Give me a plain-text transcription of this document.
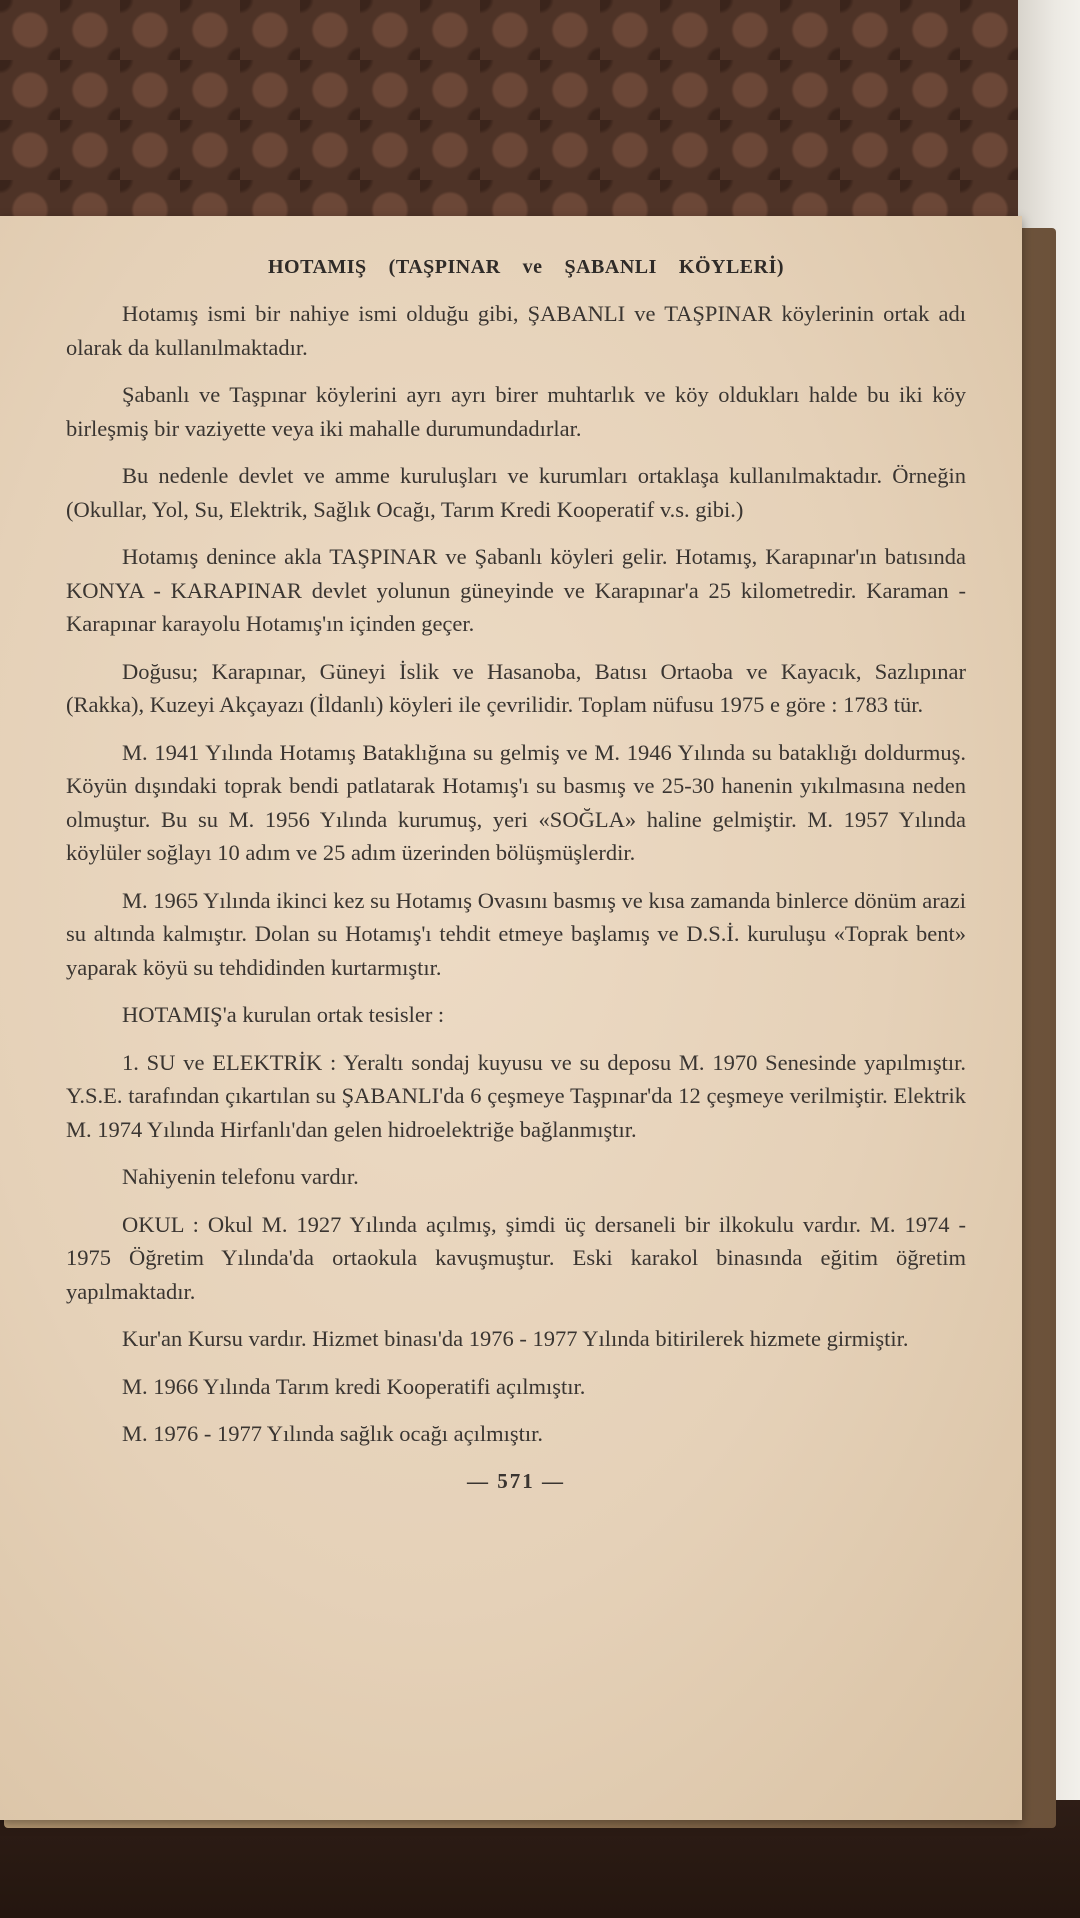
HOTAMIŞ (TAŞPINAR ve ŞABANLI KÖYLERİ)

Hotamış ismi bir nahiye ismi olduğu gibi, ŞABANLI ve TAŞPINAR köylerinin ortak adı olarak da kullanılmaktadır.

Şabanlı ve Taşpınar köylerini ayrı ayrı birer muhtarlık ve köy oldukları halde bu iki köy birleşmiş bir vaziyette veya iki mahalle durumundadırlar.

Bu nedenle devlet ve amme kuruluşları ve kurumları ortaklaşa kullanılmaktadır. Örneğin (Okullar, Yol, Su, Elektrik, Sağlık Ocağı, Tarım Kredi Kooperatif v.s. gibi.)

Hotamış denince akla TAŞPINAR ve Şabanlı köyleri gelir. Hotamış, Karapınar'ın batısında KONYA - KARAPINAR devlet yolunun güneyinde ve Karapınar'a 25 kilometredir. Karaman - Karapınar karayolu Hotamış'ın içinden geçer.

Doğusu; Karapınar, Güneyi İslik ve Hasanoba, Batısı Ortaoba ve Kayacık, Sazlıpınar (Rakka), Kuzeyi Akçayazı (İldanlı) köyleri ile çevrilidir. Toplam nüfusu 1975 e göre : 1783 tür.

M. 1941 Yılında Hotamış Bataklığına su gelmiş ve M. 1946 Yılında su bataklığı doldurmuş. Köyün dışındaki toprak bendi patlatarak Hotamış'ı su basmış ve 25-30 hanenin yıkılmasına neden olmuştur. Bu su M. 1956 Yılında kurumuş, yeri «SOĞLA» haline gelmiştir. M. 1957 Yılında köylüler soğlayı 10 adım ve 25 adım üzerinden bölüşmüşlerdir.

M. 1965 Yılında ikinci kez su Hotamış Ovasını basmış ve kısa zamanda binlerce dönüm arazi su altında kalmıştır. Dolan su Hotamış'ı tehdit etmeye başlamış ve D.S.İ. kuruluşu «Toprak bent» yaparak köyü su tehdidinden kurtarmıştır.

HOTAMIŞ'a kurulan ortak tesisler :

1. SU ve ELEKTRİK : Yeraltı sondaj kuyusu ve su deposu M. 1970 Senesinde yapılmıştır. Y.S.E. tarafından çıkartılan su ŞABANLI'da 6 çeşmeye Taşpınar'da 12 çeşmeye verilmiştir. Elektrik M. 1974 Yılında Hirfanlı'dan gelen hidroelektriğe bağlanmıştır.

Nahiyenin telefonu vardır.

OKUL : Okul M. 1927 Yılında açılmış, şimdi üç dersaneli bir ilkokulu vardır. M. 1974 - 1975 Öğretim Yılında'da ortaokula kavuşmuştur. Eski karakol binasında eğitim öğretim yapılmaktadır.

Kur'an Kursu vardır. Hizmet binası'da 1976 - 1977 Yılında bitirilerek hizmete girmiştir.

M. 1966 Yılında Tarım kredi Kooperatifi açılmıştır.

M. 1976 - 1977 Yılında sağlık ocağı açılmıştır.

— 571 —
